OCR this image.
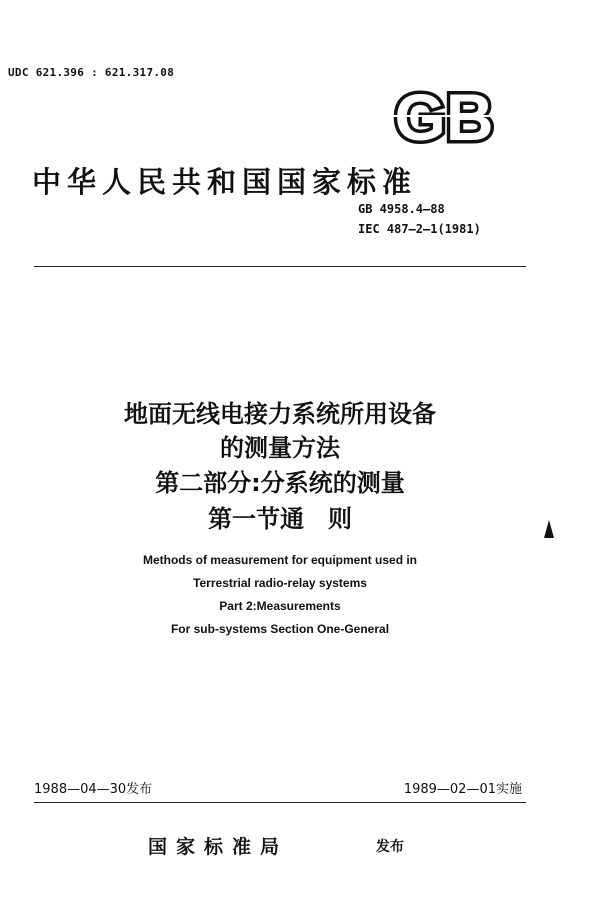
UDC 621.396 : 621.317.08
GB
中华人民共和国国家标准
GB 4958.4—88
IEC 487—2—1(1981)
地面无线电接力系统所用设备
的测量方法
第二部分:分系统的测量
第一节通　则
Methods of measurement for equipment used in
Terrestrial radio-relay systems
Part 2:Measurements
For sub-systems Section One-General
1988—04—30发布	1989—02—01实施
国家标准局	发布
